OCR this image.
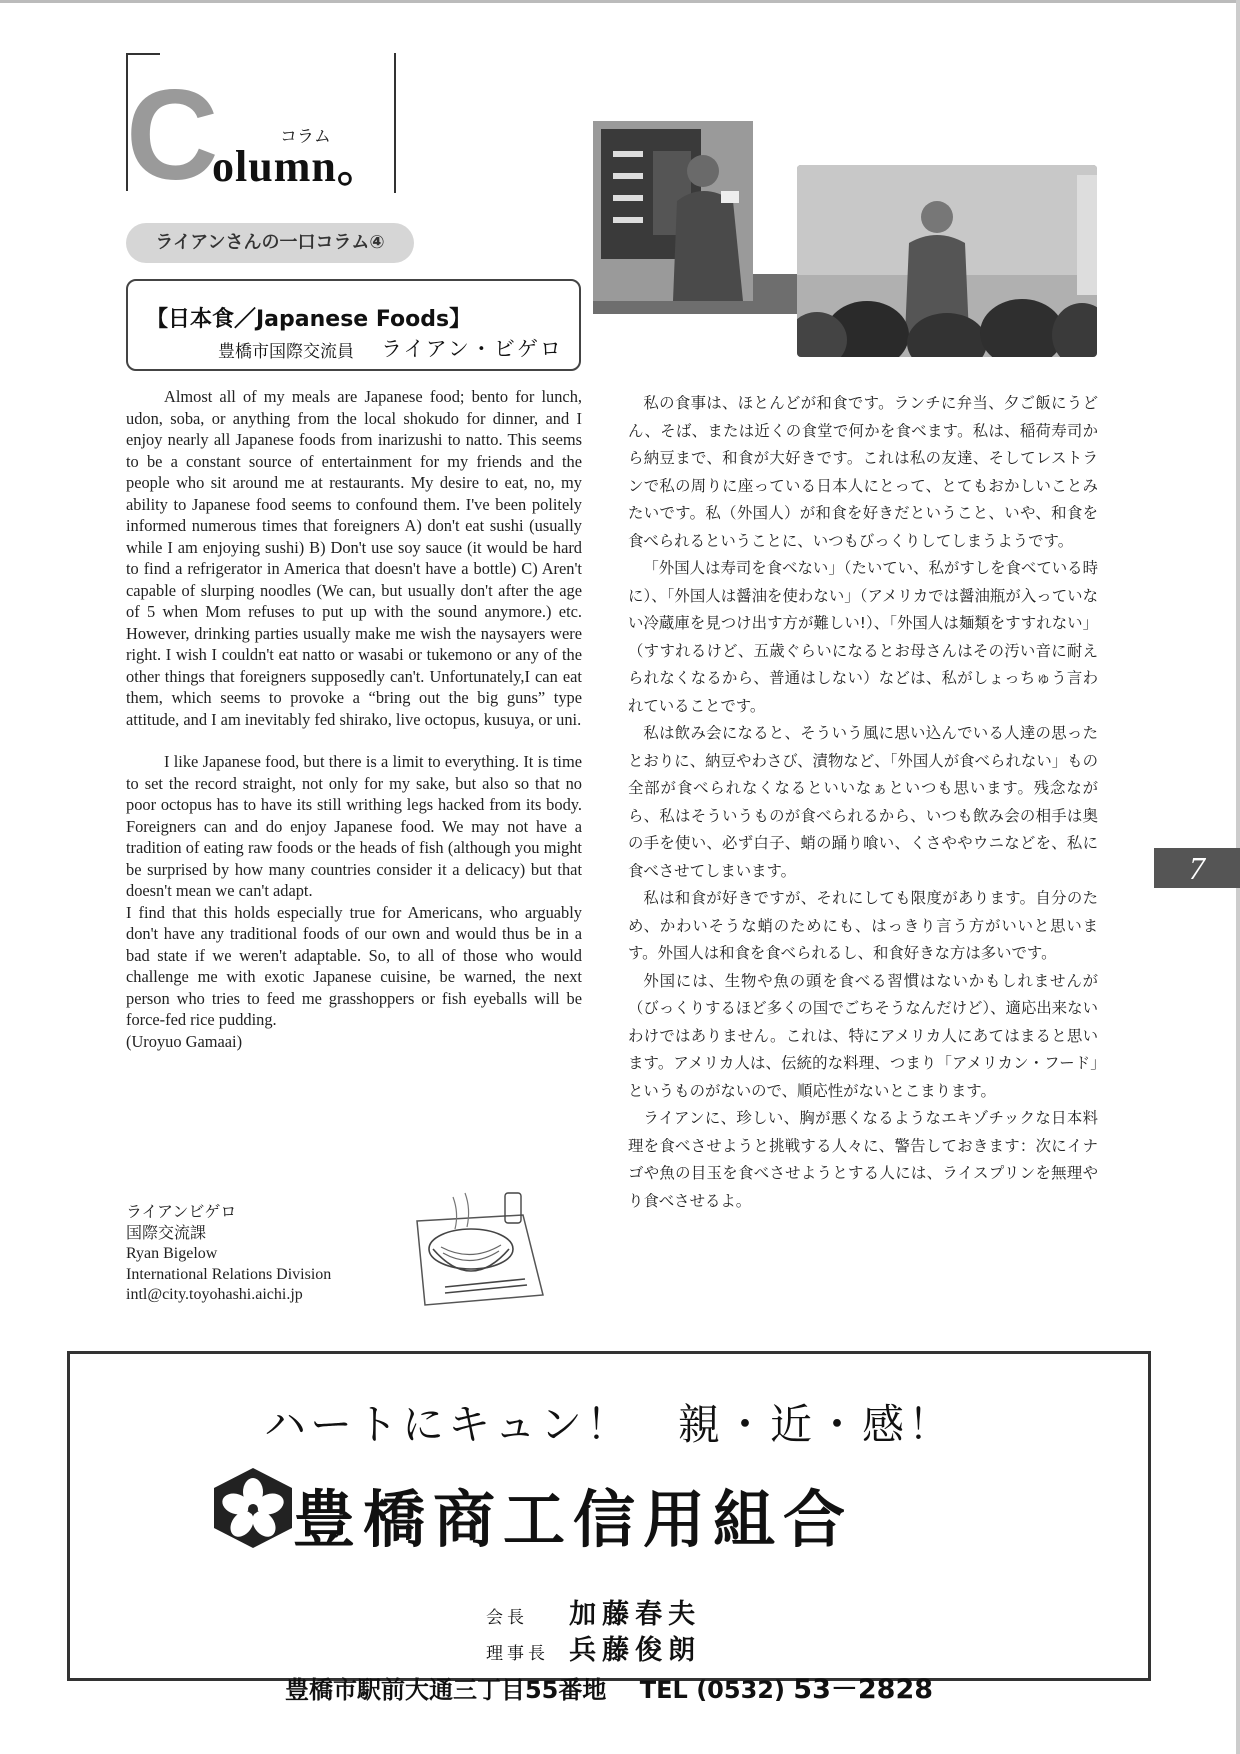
C
olumn。
コラム
ライアンさんの一口コラム④
【日本食／Japanese Foods】
豊橋市国際交流員 ライアン・ビゲロ

Almost all of my meals are Japanese food; bento for lunch, udon, soba, or anything from the local shokudo for dinner, and I enjoy nearly all Japanese foods from inarizushi to natto. This seems to be a constant source of entertainment for my friends and the people who sit around me at restaurants. My desire to eat, no, my ability to Japanese food seems to confound them. I've been politely informed numerous times that foreigners A) don't eat sushi (usually while I am enjoying sushi) B) Don't use soy sauce (it would be hard to find a refrigerator in America that doesn't have a bottle) C) Aren't capable of slurping noodles (We can, but usually don't after the age of 5 when Mom refuses to put up with the sound anymore.) etc. However, drinking parties usually make me wish the naysayers were right. I wish I couldn't eat natto or wasabi or tukemono or any of the other things that foreigners supposedly can't. Unfortunately,I can eat them, which seems to provoke a “bring out the big guns” type attitude, and I am inevitably fed shirako, live octopus, kusuya, or uni.

I like Japanese food, but there is a limit to everything. It is time to set the record straight, not only for my sake, but also so that no poor octopus has to have its still writhing legs hacked from its body. Foreigners can and do enjoy Japanese food. We may not have a tradition of eating raw foods or the heads of fish (although you might be surprised by how many countries consider it a delicacy) but that doesn't mean we can't adapt.

I find that this holds especially true for Americans, who arguably don't have any traditional foods of our own and would thus be in a bad state if we weren't adaptable. So, to all of those who would challenge me with exotic Japanese cuisine, be warned, the next person who tries to feed me grasshoppers or fish eyeballs will be force-fed rice pudding.

(Uroyuo Gamaai)

ライアンビゲロ
国際交流課
Ryan Bigelow
International Relations Division
intl@city.toyohashi.aichi.jp

私の食事は、ほとんどが和食です。ランチに弁当、夕ご飯にうどん、そば、または近くの食堂で何かを食べます。私は、稲荷寿司から納豆まで、和食が大好きです。これは私の友達、そしてレストランで私の周りに座っている日本人にとって、とてもおかしいことみたいです。私（外国人）が和食を好きだということ、いや、和食を食べられるということに、いつもびっくりしてしまうようです。

「外国人は寿司を食べない」（たいてい、私がすしを食べている時に）、「外国人は醤油を使わない」（アメリカでは醤油瓶が入っていない冷蔵庫を見つけ出す方が難しい!）、「外国人は麺類をすすれない」（すすれるけど、五歳ぐらいになるとお母さんはその汚い音に耐えられなくなるから、普通はしない）などは、私がしょっちゅう言われていることです。

私は飲み会になると、そういう風に思い込んでいる人達の思ったとおりに、納豆やわさび、漬物など、「外国人が食べられない」もの全部が食べられなくなるといいなぁといつも思います。残念ながら、私はそういうものが食べられるから、いつも飲み会の相手は奥の手を使い、必ず白子、蛸の踊り喰い、くさややウニなどを、私に食べさせてしまいます。

私は和食が好きですが、それにしても限度があります。自分のため、かわいそうな蛸のためにも、はっきり言う方がいいと思います。外国人は和食を食べられるし、和食好きな方は多いです。

外国には、生物や魚の頭を食べる習慣はないかもしれませんが（びっくりするほど多くの国でごちそうなんだけど）、適応出来ないわけではありません。これは、特にアメリカ人にあてはまると思います。アメリカ人は、伝統的な料理、つまり「アメリカン・フード」というものがないので、順応性がないとこまります。

ライアンに、珍しい、胸が悪くなるようなエキゾチックな日本料理を食べさせようと挑戦する人々に、警告しておきます：次にイナゴや魚の目玉を食べさせようとする人には、ライスプリンを無理やり食べさせるよ。

7
ハートにキュン！　親・近・感！
豊橋商工信用組合
会長 加藤春夫
理事長 兵藤俊朗
豊橋市駅前大通三丁目55番地 TEL (0532) 53－2828
